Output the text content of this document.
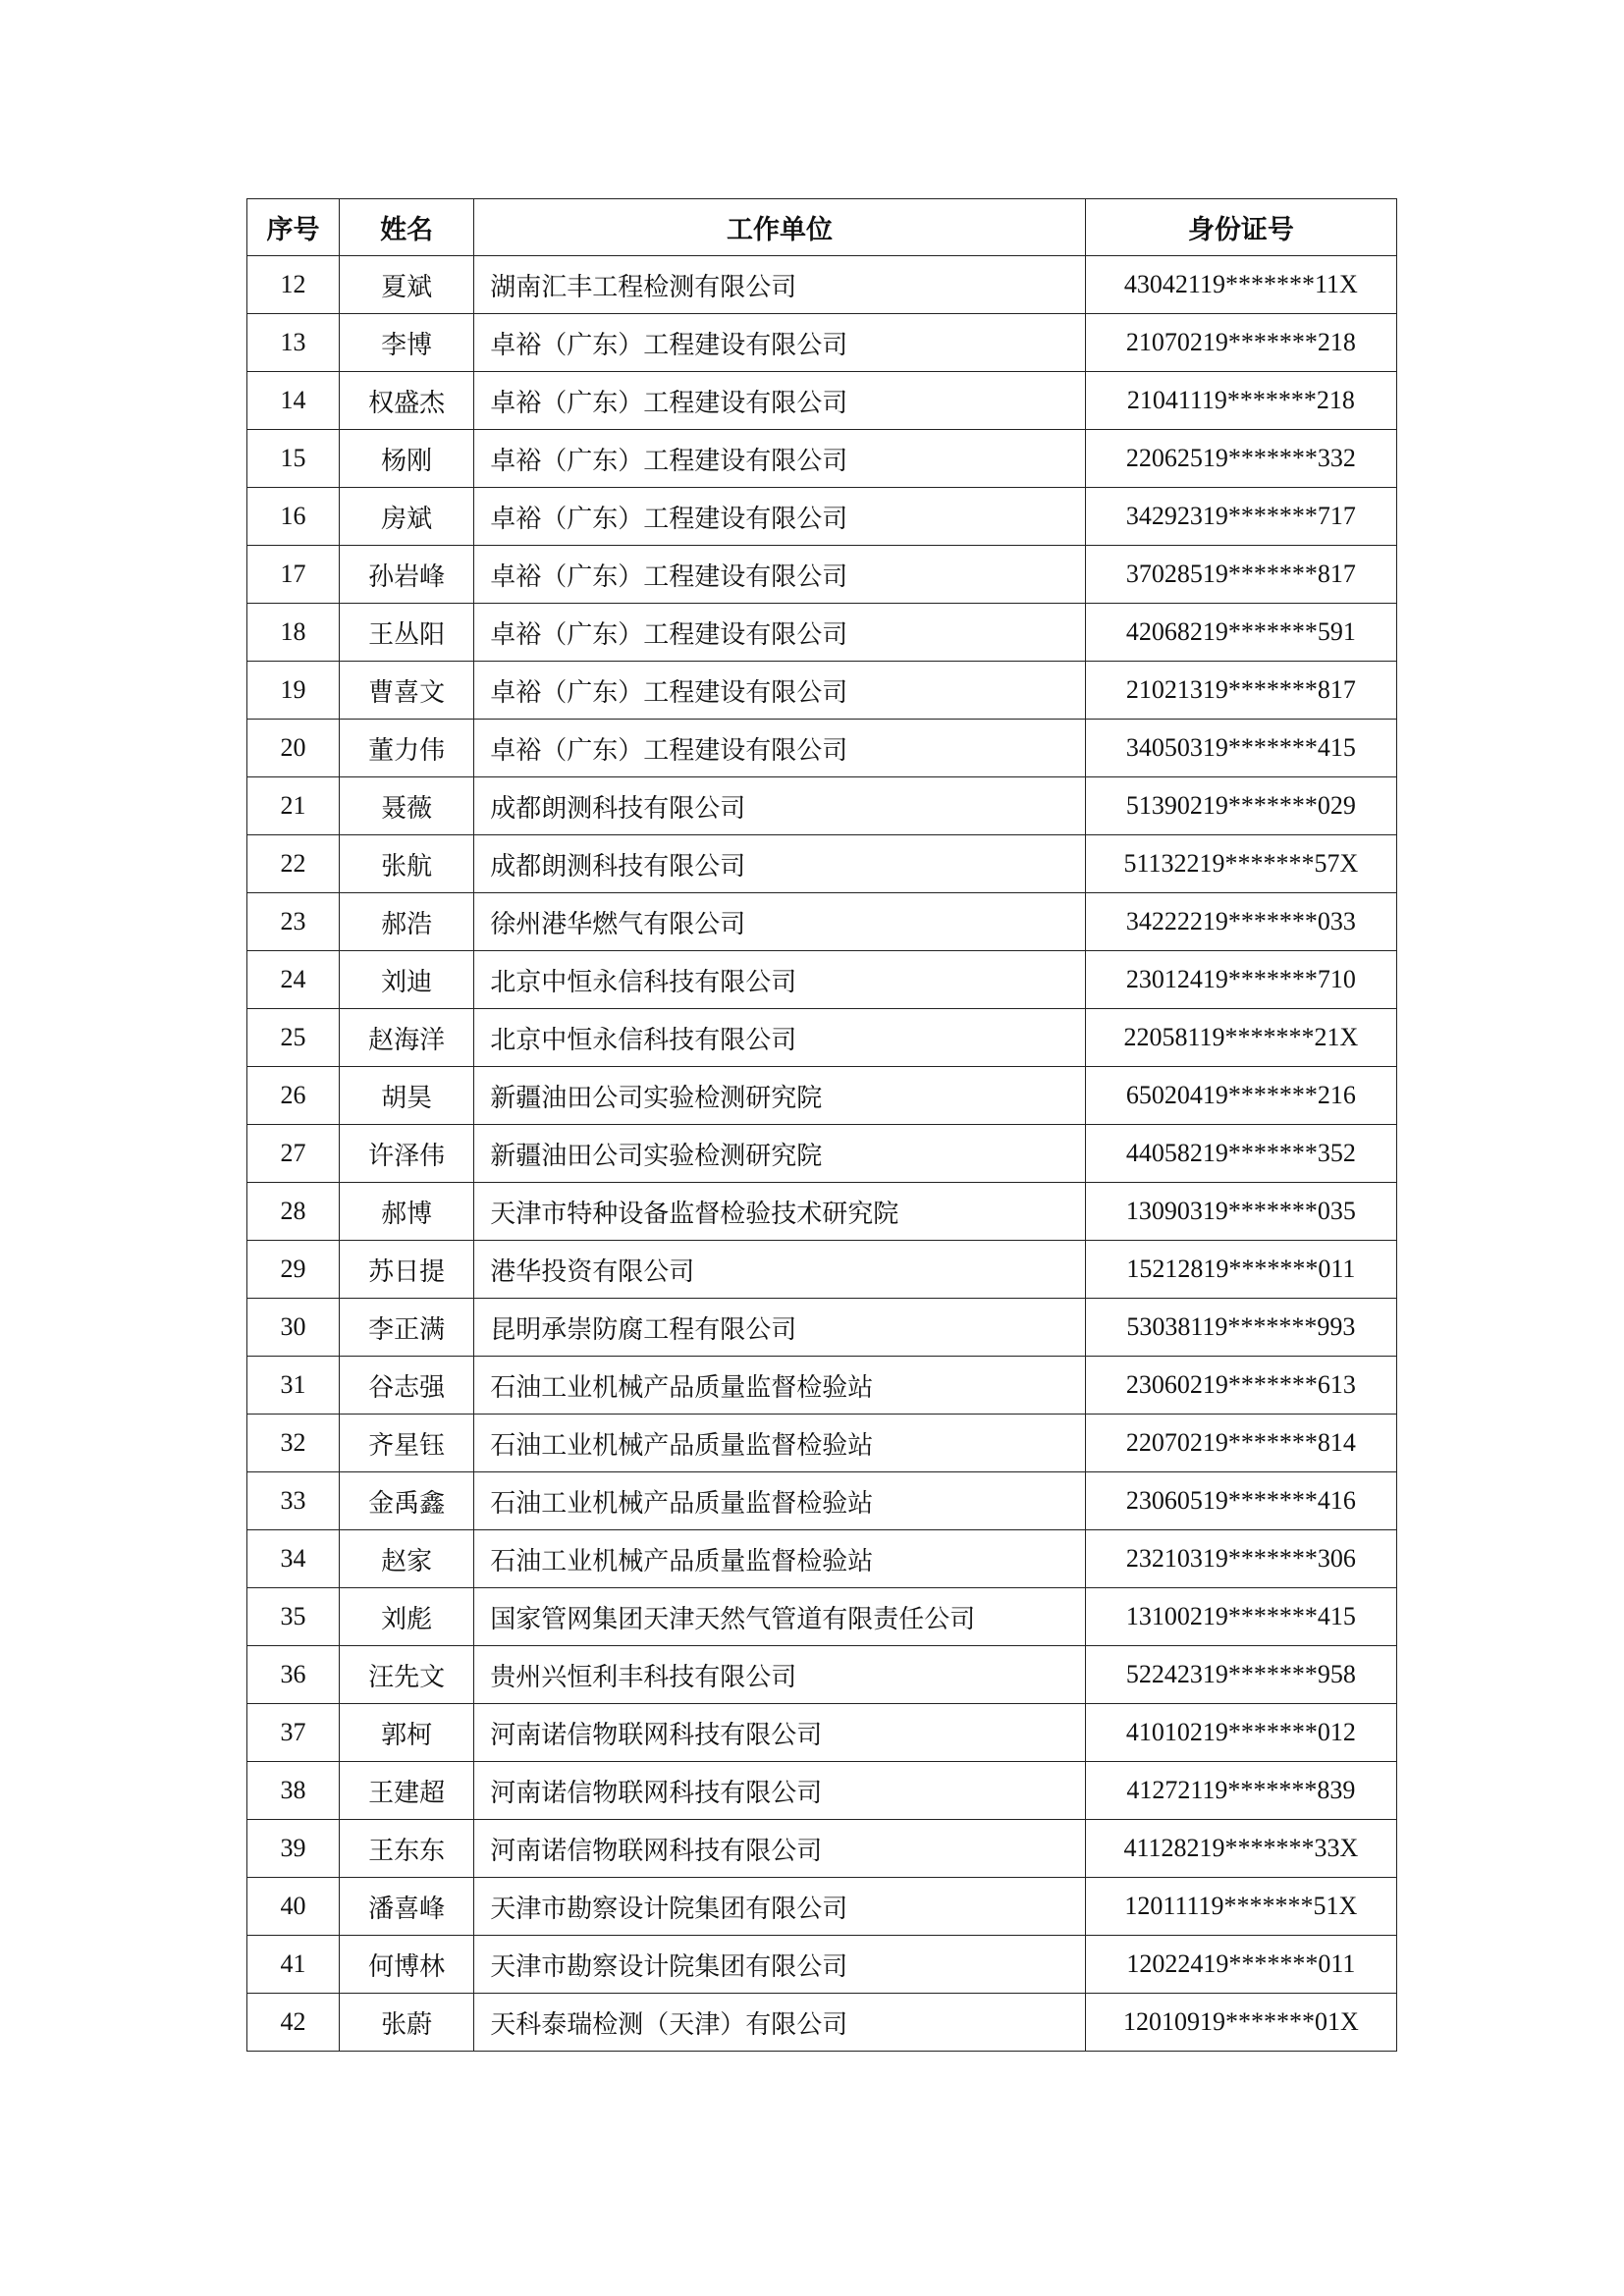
序号	姓名	工作单位	身份证号
12	夏斌	湖南汇丰工程检测有限公司	43042119*******11X
13	李博	卓裕（广东）工程建设有限公司	21070219*******218
14	权盛杰	卓裕（广东）工程建设有限公司	21041119*******218
15	杨刚	卓裕（广东）工程建设有限公司	22062519*******332
16	房斌	卓裕（广东）工程建设有限公司	34292319*******717
17	孙岩峰	卓裕（广东）工程建设有限公司	37028519*******817
18	王丛阳	卓裕（广东）工程建设有限公司	42068219*******591
19	曹喜文	卓裕（广东）工程建设有限公司	21021319*******817
20	董力伟	卓裕（广东）工程建设有限公司	34050319*******415
21	聂薇	成都朗测科技有限公司	51390219*******029
22	张航	成都朗测科技有限公司	51132219*******57X
23	郝浩	徐州港华燃气有限公司	34222219*******033
24	刘迪	北京中恒永信科技有限公司	23012419*******710
25	赵海洋	北京中恒永信科技有限公司	22058119*******21X
26	胡昊	新疆油田公司实验检测研究院	65020419*******216
27	许泽伟	新疆油田公司实验检测研究院	44058219*******352
28	郝博	天津市特种设备监督检验技术研究院	13090319*******035
29	苏日提	港华投资有限公司	15212819*******011
30	李正满	昆明承崇防腐工程有限公司	53038119*******993
31	谷志强	石油工业机械产品质量监督检验站	23060219*******613
32	齐星钰	石油工业机械产品质量监督检验站	22070219*******814
33	金禹鑫	石油工业机械产品质量监督检验站	23060519*******416
34	赵家	石油工业机械产品质量监督检验站	23210319*******306
35	刘彪	国家管网集团天津天然气管道有限责任公司	13100219*******415
36	汪先文	贵州兴恒利丰科技有限公司	52242319*******958
37	郭柯	河南诺信物联网科技有限公司	41010219*******012
38	王建超	河南诺信物联网科技有限公司	41272119*******839
39	王东东	河南诺信物联网科技有限公司	41128219*******33X
40	潘喜峰	天津市勘察设计院集团有限公司	12011119*******51X
41	何博林	天津市勘察设计院集团有限公司	12022419*******011
42	张蔚	天科泰瑞检测（天津）有限公司	12010919*******01X
